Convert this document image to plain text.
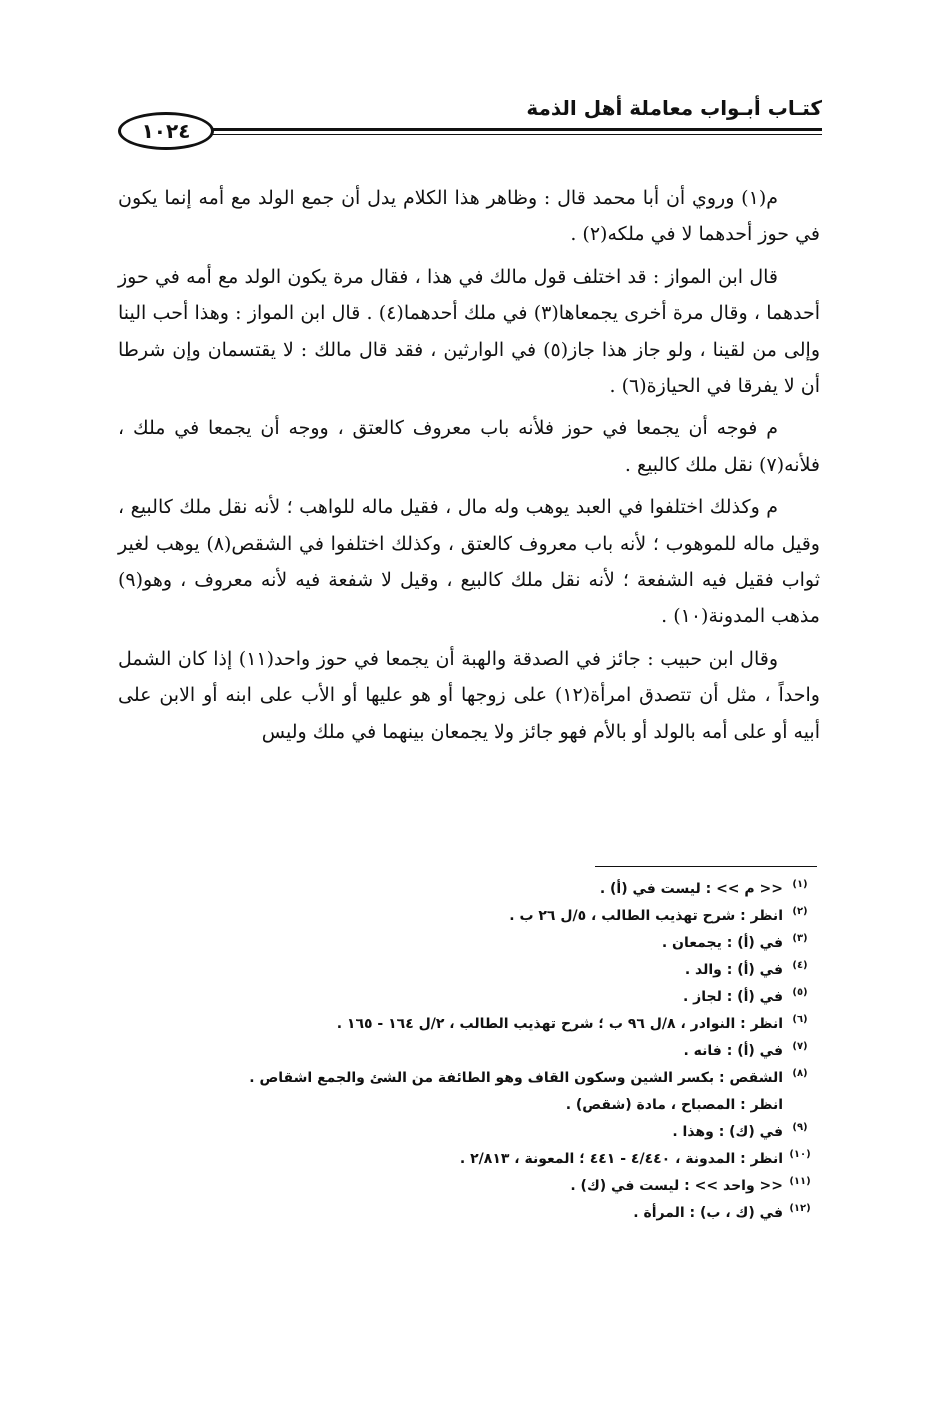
كتـاب أبـواب معاملة أهل الذمة
١٠٢٤

م(١) وروي أن أبا محمد قال : وظاهر هذا الكلام يدل أن جمع الولد مع أمه إنما يكون في حوز أحدهما لا في ملكه(٢) .

قال ابن المواز : قد اختلف قول مالك في هذا ، فقال مرة يكون الولد مع أمه في حوز أحدهما ، وقال مرة أخرى يجمعاها(٣) في ملك أحدهما(٤) . قال ابن المواز : وهذا أحب الينا وإلى من لقينا ، ولو جاز هذا جاز(٥) في الوارثين ، فقد قال مالك : لا يقتسمان وإن شرطا أن لا يفرقا في الحيازة(٦) .

م فوجه أن يجمعا في حوز فلأنه باب معروف كالعتق ، ووجه أن يجمعا في ملك ، فلأنه(٧) نقل ملك كالبيع .

م وكذلك اختلفوا في العبد يوهب وله مال ، فقيل ماله للواهب ؛ لأنه نقل ملك كالبيع ، وقيل ماله للموهوب ؛ لأنه باب معروف كالعتق ، وكذلك اختلفوا في الشقص(٨) يوهب لغير ثواب فقيل فيه الشفعة ؛ لأنه نقل ملك كالبيع ، وقيل لا شفعة فيه لأنه معروف ، وهو(٩) مذهب المدونة(١٠) .

وقال ابن حبيب : جائز في الصدقة والهبة أن يجمعا في حوز واحد(١١) إذا كان الشمل واحداً ، مثل أن تتصدق امرأة(١٢) على زوجها أو هو عليها أو الأب على ابنه أو الابن على أبيه أو على أمه بالولد أو بالأم فهو جائز ولا يجمعان بينهما في ملك وليس

(١)
<< م >> : ليست في (أ) .
(٢)
انظر : شرح تهذيب الطالب ، ٥/ل ٢٦ ب .
(٣)
في (أ) : يجمعان .
(٤)
في (أ) : والد .
(٥)
في (أ) : لجاز .
(٦)
انظر : النوادر ، ٨/ل ٩٦ ب ؛ شرح تهذيب الطالب ، ٢/ل ١٦٤ - ١٦٥ .
(٧)
في (أ) : فانه .
(٨)
الشقص : بكسر الشين وسكون القاف وهو الطائفة من الشئ والجمع اشقاص .
انظر : المصباح ، مادة (شقص) .
(٩)
في (ك) : وهذا .
(١٠)
انظر : المدونة ، ٤/٤٤٠ - ٤٤١ ؛ المعونة ، ٢/٨١٣ .
(١١)
<< واحد >> : ليست في (ك) .
(١٢)
في (ك ، ب) : المرأة .
